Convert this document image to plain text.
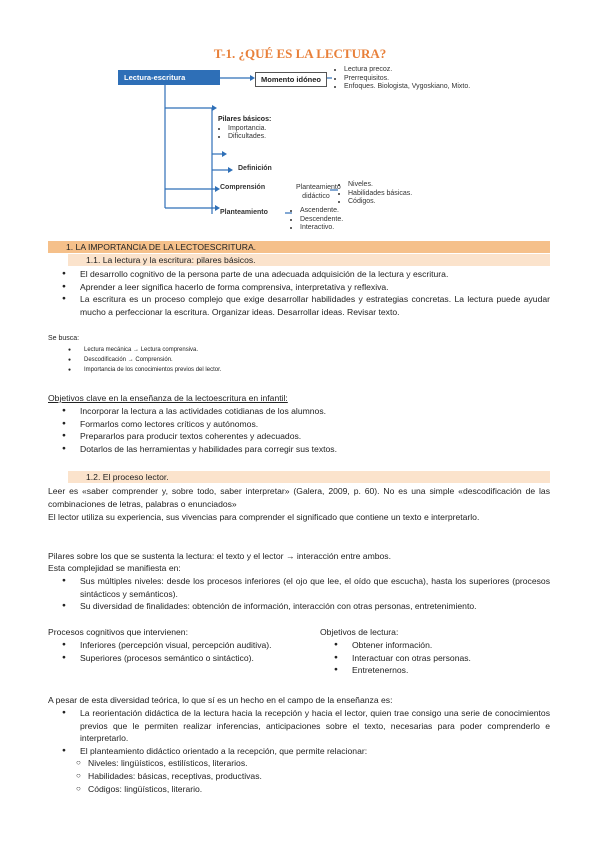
T-1. ¿QUÉ ES LA LECTURA?
Lectura-escritura	Momento idóneo
• Lectura precoz.
• Prerrequisitos.
• Enfoques. Biologista, Vygoskiano, Mixto.
Pilares básicos:
• Importancia.
• Dificultades.
Definición
Comprensión	Planteamiento didáctico
• Niveles.
• Habilidades básicas.
• Códigos.
Planteamiento
•	Ascendente.
• Descendente.
• Interactivo.
1. LA IMPORTANCIA DE LA LECTOESCRITURA.
1.1. La lectura y la escritura: pilares básicos.
● El desarrollo cognitivo de la persona parte de una adecuada adquisición de la lectura y escritura.
● Aprender a leer significa hacerlo de forma comprensiva, interpretativa y reflexiva.
● La escritura es un proceso complejo que exige desarrollar habilidades y estrategias concretas. La lectura puede ayudar mucho a perfeccionar la escritura. Organizar ideas. Desarrollar ideas. Revisar texto.
Se busca:
● Lectura mecánica → Lectura comprensiva.
● Descodificación → Comprensión.
● Importancia de los conocimientos previos del lector.
Objetivos clave en la enseñanza de la lectoescritura en infantil:
● Incorporar la lectura a las actividades cotidianas de los alumnos.
● Formarlos como lectores críticos y autónomos.
● Prepararlos para producir textos coherentes y adecuados.
● Dotarlos de las herramientas y habilidades para corregir sus textos.
1.2. El proceso lector.
Leer es «saber comprender y, sobre todo, saber interpretar» (Galera, 2009, p. 60). No es una simple «descodificación de las combinaciones de letras, palabras o enunciados»
El lector utiliza su experiencia, sus vivencias para comprender el significado que contiene un texto e interpretarlo.
Pilares sobre los que se sustenta la lectura: el texto y el lector → interacción entre ambos.
Esta complejidad se manifiesta en:
● Sus múltiples niveles: desde los procesos inferiores (el ojo que lee, el oído que escucha), hasta los superiores (procesos sintácticos y semánticos).
● Su diversidad de finalidades: obtención de información, interacción con otras personas, entretenimiento.
Procesos cognitivos que intervienen:
● Inferiores (percepción visual, percepción auditiva).
● Superiores (procesos semántico o sintáctico).
Objetivos de lectura:
● Obtener información.
● Interactuar con otras personas.
● Entretenernos.
A pesar de esta diversidad teórica, lo que sí es un hecho en el campo de la enseñanza es:
● La reorientación didáctica de la lectura hacia la recepción y hacia el lector, quien trae consigo una serie de conocimientos previos que le permiten realizar inferencias, anticipaciones sobre el texto, necesarias para poder comprenderlo e interpretarlo.
● El planteamiento didáctico orientado a la recepción, que permite relacionar:
○ Niveles: lingüísticos, estilísticos, literarios.
○ Habilidades: básicas, receptivas, productivas.
○ Códigos: lingüísticos, literario.
